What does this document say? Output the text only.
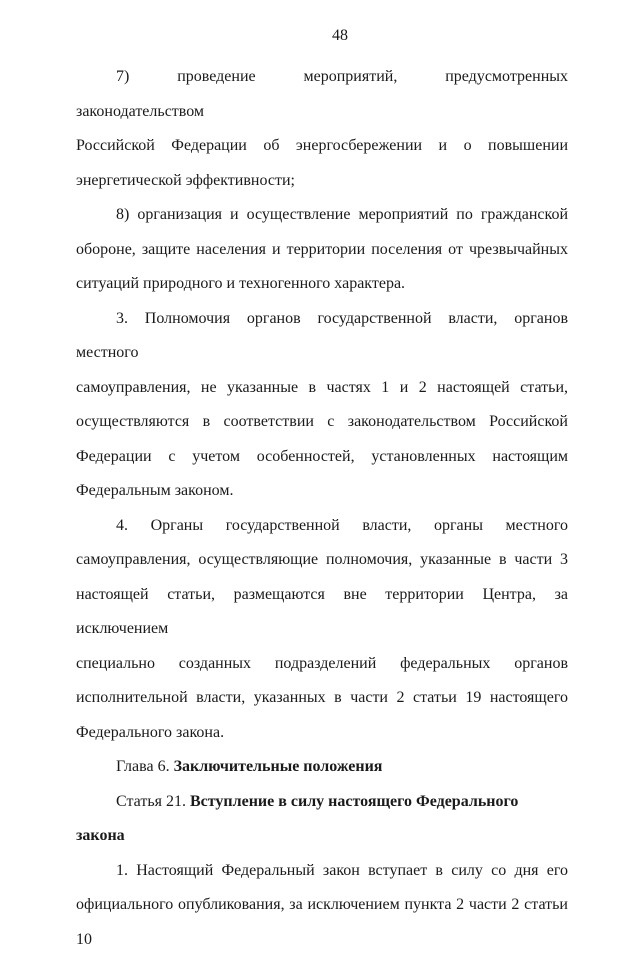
48
7) проведение мероприятий, предусмотренных законодательством
Российской Федерации об энергосбережении и о повышении
энергетической эффективности;
8) организация и осуществление мероприятий по гражданской
обороне, защите населения и территории поселения от чрезвычайных
ситуаций природного и техногенного характера.
3. Полномочия органов государственной власти, органов местного
самоуправления, не указанные в частях 1 и 2 настоящей статьи,
осуществляются в соответствии с законодательством Российской
Федерации с учетом особенностей, установленных настоящим
Федеральным законом.
4. Органы государственной власти, органы местного
самоуправления, осуществляющие полномочия, указанные в части 3
настоящей статьи, размещаются вне территории Центра, за исключением
специально созданных подразделений федеральных органов
исполнительной власти, указанных в части 2 статьи 19 настоящего
Федерального закона.
Глава 6. Заключительные положения
Статья 21. Вступление в силу настоящего Федерального закона
1. Настоящий Федеральный закон вступает в силу со дня его
официального опубликования, за исключением пункта 2 части 2 статьи 10
